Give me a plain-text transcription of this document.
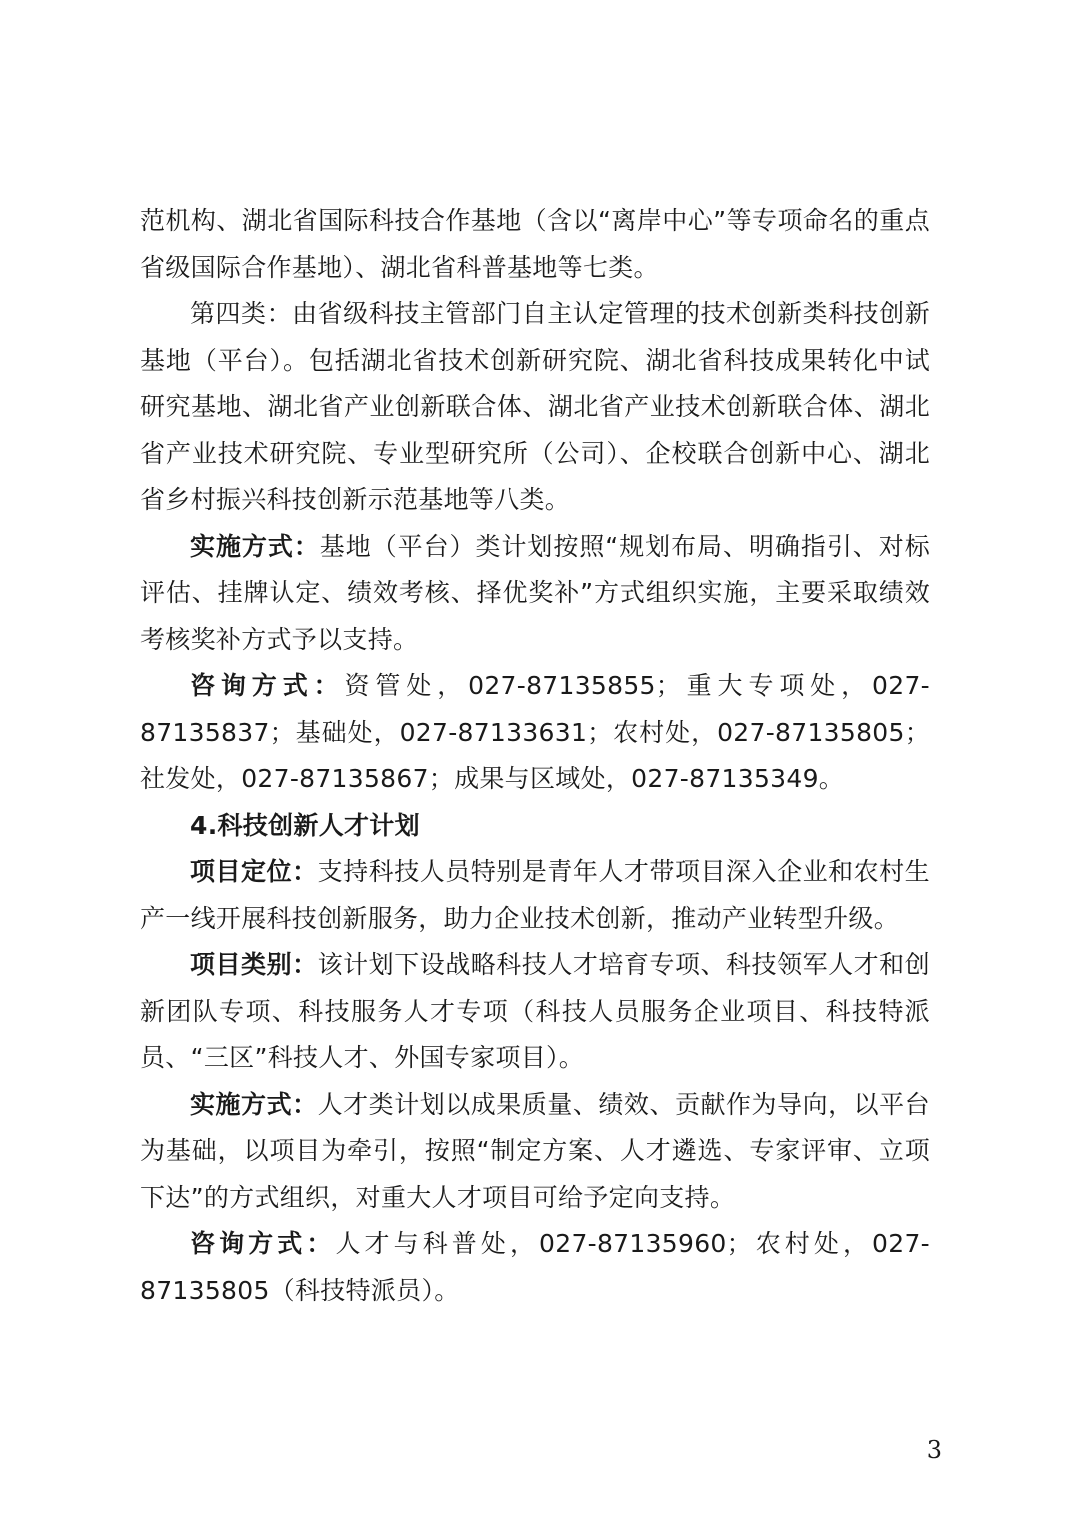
范机构、湖北省国际科技合作基地（含以“离岸中心”等专项命名的重点省级国际合作基地）、湖北省科普基地等七类。

第四类：由省级科技主管部门自主认定管理的技术创新类科技创新基地（平台）。包括湖北省技术创新研究院、湖北省科技成果转化中试研究基地、湖北省产业创新联合体、湖北省产业技术创新联合体、湖北省产业技术研究院、专业型研究所（公司）、企校联合创新中心、湖北省乡村振兴科技创新示范基地等八类。

实施方式：基地（平台）类计划按照“规划布局、明确指引、对标评估、挂牌认定、绩效考核、择优奖补”方式组织实施，主要采取绩效考核奖补方式予以支持。

咨询方式：资管处，027-87135855；重大专项处，027-87135837；基础处，027-87133631；农村处，027-87135805；社发处，027-87135867；成果与区域处，027-87135349。

4.科技创新人才计划

项目定位：支持科技人员特别是青年人才带项目深入企业和农村生产一线开展科技创新服务，助力企业技术创新，推动产业转型升级。

项目类别：该计划下设战略科技人才培育专项、科技领军人才和创新团队专项、科技服务人才专项（科技人员服务企业项目、科技特派员、“三区”科技人才、外国专家项目）。

实施方式：人才类计划以成果质量、绩效、贡献作为导向，以平台为基础，以项目为牵引，按照“制定方案、人才遴选、专家评审、立项下达”的方式组织，对重大人才项目可给予定向支持。

咨询方式：人才与科普处，027-87135960；农村处，027-87135805（科技特派员）。

3
